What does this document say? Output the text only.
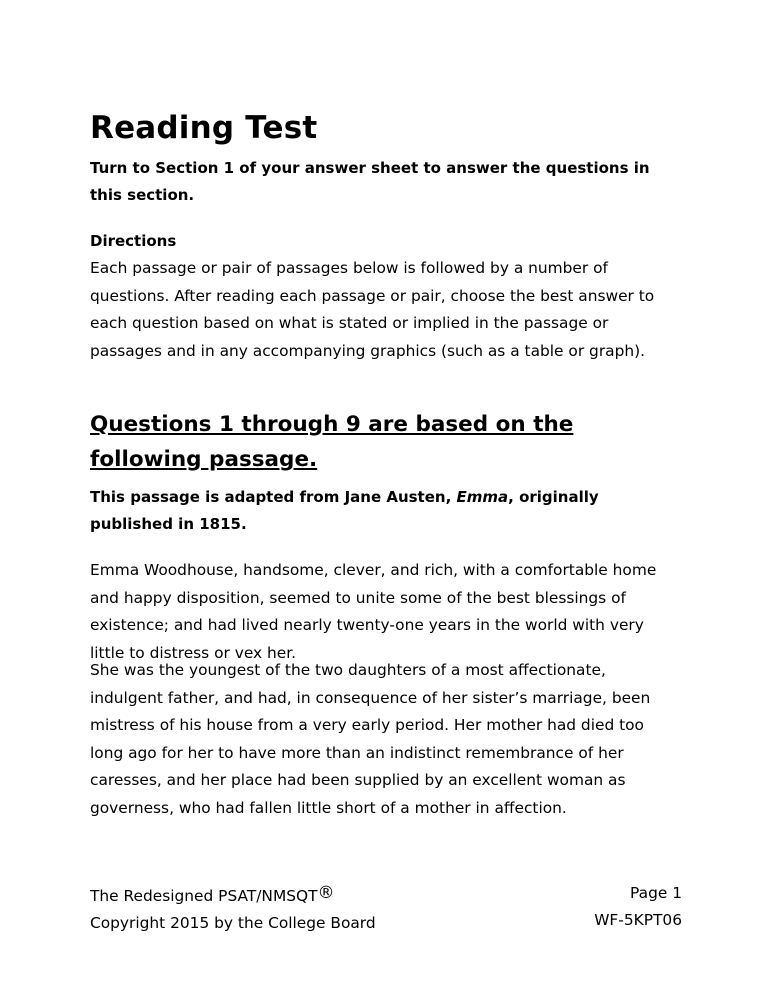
Reading Test

Turn to Section 1 of your answer sheet to answer the questions in this section.

Directions

Each passage or pair of passages below is followed by a number of questions. After reading each passage or pair, choose the best answer to each question based on what is stated or implied in the passage or passages and in any accompanying graphics (such as a table or graph).

Questions 1 through 9 are based on the following passage.

This passage is adapted from Jane Austen, Emma, originally published in 1815.

Emma Woodhouse, handsome, clever, and rich, with a comfortable home and happy disposition, seemed to unite some of the best blessings of existence; and had lived nearly twenty-one years in the world with very little to distress or vex her.

She was the youngest of the two daughters of a most affectionate, indulgent father, and had, in consequence of her sister’s marriage, been mistress of his house from a very early period. Her mother had died too long ago for her to have more than an indistinct remembrance of her caresses, and her place had been supplied by an excellent woman as governess, who had fallen little short of a mother in affection.

The Redesigned PSAT/NMSQT®
Copyright 2015 by the College Board
Page 1
WF-5KPT06
